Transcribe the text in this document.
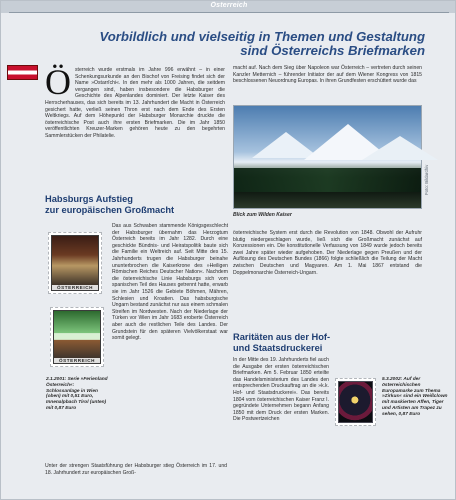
Österreich
Vorbildlich und vielseitig in Themen und Gestaltung
sind Österreichs Briefmarken
Ö sterreich wurde erstmals im Jahre 996 erwähnt – in einer Schenkungsurkunde an den Bischof von Freising findet sich der Name »Ostarrîchi«. In den mehr als 1000 Jahren, die seitdem vergangen sind, haben insbesondere die Habsburger die Geschichte des Alpenlandes dominiert. Der letzte Kaiser des Herrscherhauses, das sich bereits im 13. Jahrhundert die Macht in Österreich gesichert hatte, verließ seinen Thron erst nach dem Ende des Ersten Weltkriegs. Auf dem Höhepunkt der Habsburger Monarchie druckte die österreichische Post auch ihre ersten Briefmarken. Die im Jahr 1850 veröffentlichten Kreuzer-Marken gehören heute zu den begehrten Sammlerstücken der Philatelie.
Habsburgs Aufstieg
zur europäischen Großmacht
ÖSTERREICH
ÖSTERREICH
2.1.2001: Serie »Ferienland Österreich«: Schlossanlage in Wien (oben) mit 0,51 Euro, Innenalpbach Tirol (unten) mit 0,87 Euro
Das aus Schwaben stammende Königsgeschlecht der Habsburger übernahm das Herzogtum Österreich bereits im Jahr 1282. Durch eine geschickte Bündnis- und Heiratspolitik baute sich die Familie ein Weltreich auf. Seit Mitte des 15. Jahrhunderts trugen die Habsburger beinahe ununterbrochen die Kaiserkrone des »Heiligen Römischen Reiches Deutscher Nation«. Nachdem die österreichische Linie Habsburgs sich vom spanischen Teil des Hauses getrennt hatte, erwarb sie im Jahr 1526 die Gebiete Böhmen, Mähren, Schlesien und Kroatien. Das habsburgische Ungarn bestand zunächst nur aus einem schmalen Streifen im Nordwesten. Nach der Niederlage der Türken vor Wien im Jahr 1683 eroberte Österreich aber auch die restlichen Teile des Landes. Der Grundstein für den späteren Vielvölkerstaat war somit gelegt.
Unter der strengen Staatsführung der Habsburger stieg Österreich im 17. und 18. Jahrhundert zur europäischen Groß-
macht auf. Nach dem Sieg über Napoleon war Österreich – vertreten durch seinen Kanzler Metternich – führender Initiator der auf dem Wiener Kongress von 1815 beschlossenen Neuordnung Europas. In ihren Grundfesten erschüttert wurde das
Foto: Bildarchiv
Blick zum Wilden Kaiser
österreichische System erst durch die Revolution von 1848. Obwohl der Aufruhr blutig niedergeschlagen wurde, ließ sich die Großmacht zunächst auf Konzessionen ein. Die konstitutionelle Verfassung von 1849 wurde jedoch bereits zwei Jahre später wieder aufgehoben. Der Niederlage gegen Preußen und der Auflösung des Deutschen Bundes (1866) folgte schließlich die Teilung der Macht zwischen Deutschen und Magyaren. Am 1. Mai 1867 entstand die Doppelmonarchie Österreich-Ungarn.
Raritäten aus der Hof-
und Staatsdruckerei
In der Mitte des 19. Jahrhunderts fiel auch die Ausgabe der ersten österreichischen Briefmarken. Am 5. Februar 1850 erteilte das Handelsministerium des Landes den entsprechenden Druckauftrag an die »k.k. Hof- und Staatsdruckerei«. Das bereits 1804 vom österreichischen Kaiser Franz I. gegründete Unternehmen begann Anfang 1850 mit dem Druck der ersten Marken. Die Postwertzeichen
5.3.2002: Auf der österreichischen Europamarke zum Thema »Zirkus« sind ein Weißclown mit maskierten Affen, Tiger und Artisten am Trapez zu sehen, 0,87 Euro
